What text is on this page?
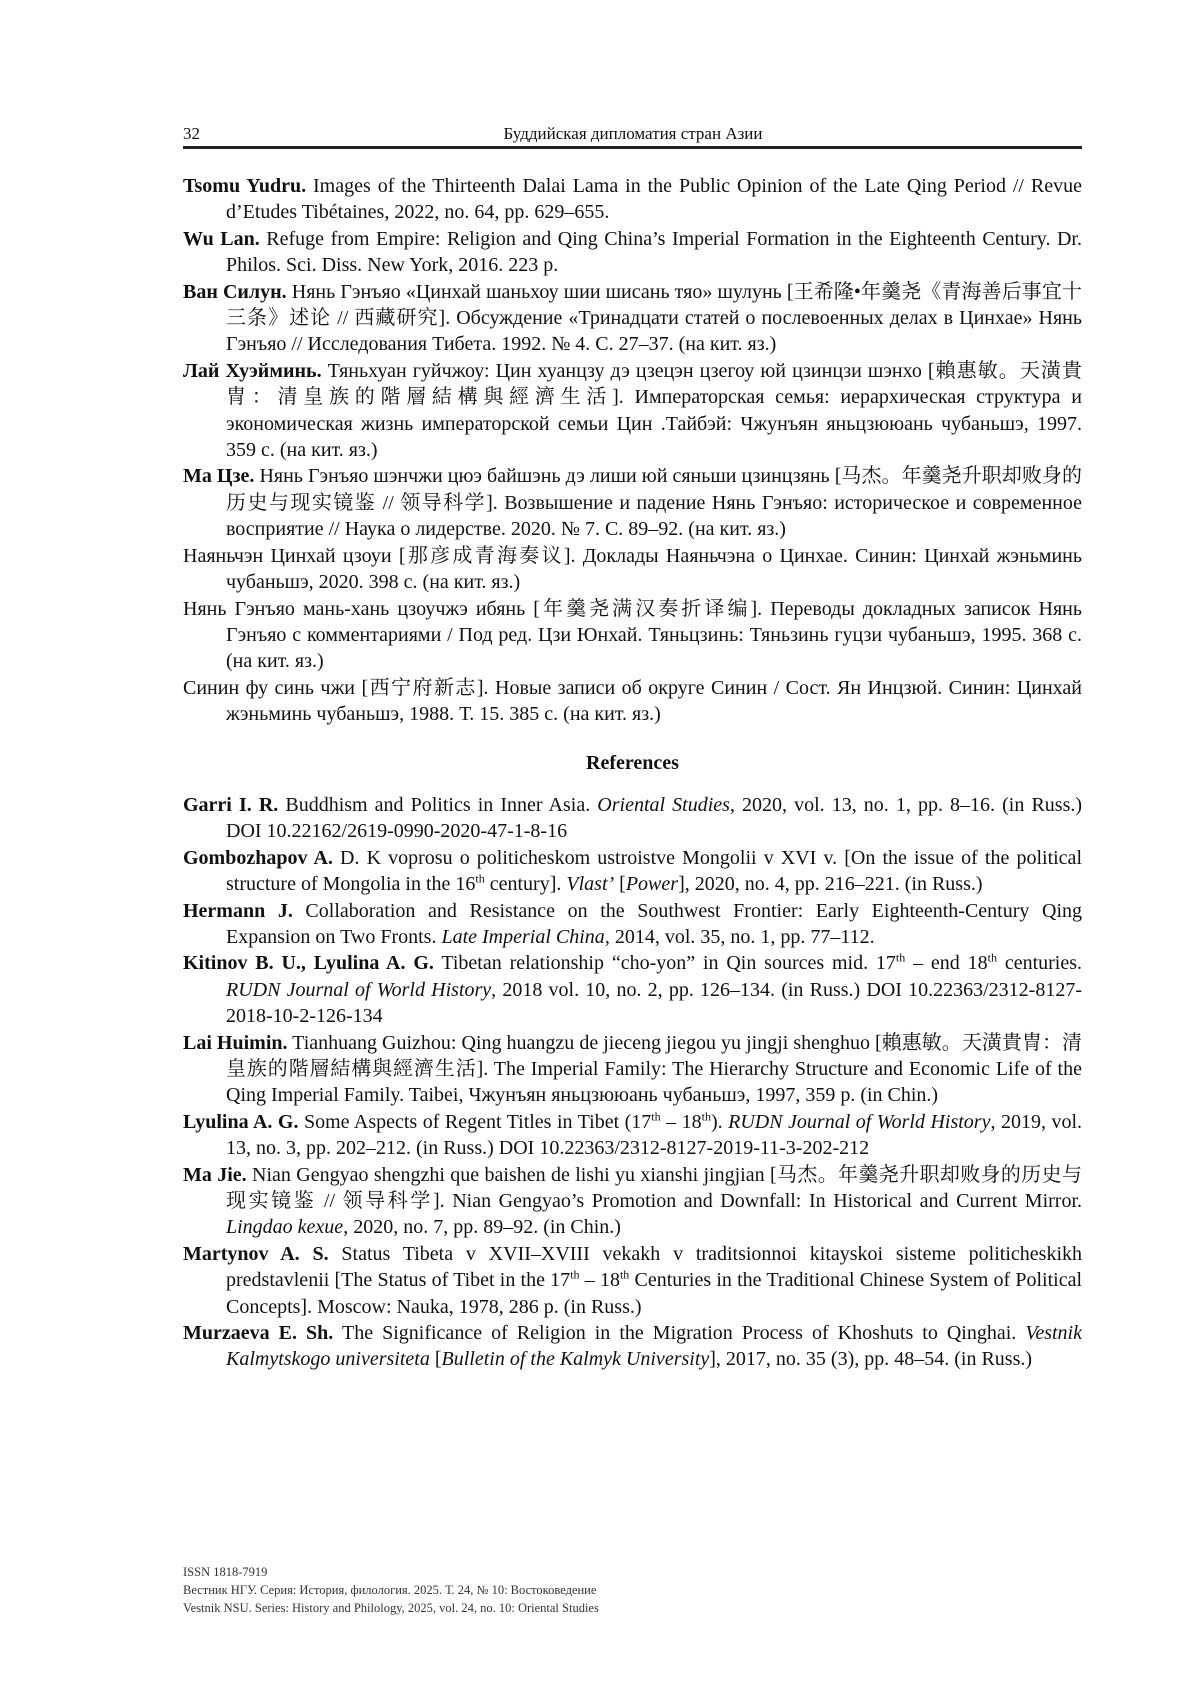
32	Буддийская дипломатия стран Азии

Tsomu Yudru. Images of the Thirteenth Dalai Lama in the Public Opinion of the Late Qing Period // Revue d’Etudes Tibétaines, 2022, no. 64, pp. 629–655.

Wu Lan. Refuge from Empire: Religion and Qing China’s Imperial Formation in the Eighteenth Century. Dr. Philos. Sci. Diss. New York, 2016. 223 p.

Ван Силун. Нянь Гэнъяо «Цинхай шаньхоу шии шисань тяо» шулунь [王希隆•年羹尧《青海善后事宜十三条》述论 // 西藏研究]. Обсуждение «Тринадцати статей о послевоенных делах в Цинхае» Нянь Гэнъяо // Исследования Тибета. 1992. № 4. С. 27–37. (на кит. яз.)

Лай Хуэйминь. Тяньхуан гуйчжоу: Цин хуанцзу дэ цзецэн цзегоу юй цзинцзи шэнхо [賴惠敏。天潢貴冑：清皇族的階層結構與經濟生活]. Императорская семья: иерархическая структура и экономическая жизнь императорской семьи Цин .Тайбэй: Чжунъян яньцзююань чубаньшэ, 1997. 359 с. (на кит. яз.)

Ма Цзе. Нянь Гэнъяо шэнчжи цюэ байшэнь дэ лиши юй сяньши цзинцзянь [马杰。年羹尧升职却败身的历史与现实镜鉴 // 领导科学]. Возвышение и падение Нянь Гэнъяо: историческое и современное восприятие // Наука о лидерстве. 2020. № 7. С. 89–92. (на кит. яз.)

Наяньчэн Цинхай цзоуи [那彦成青海奏议]. Доклады Наяньчэна о Цинхае. Синин: Цинхай жэньминь чубаньшэ, 2020. 398 с. (на кит. яз.)

Нянь Гэнъяо мань-хань цзоучжэ ибянь [年羹尧满汉奏折译编]. Переводы докладных записок Нянь Гэнъяо с комментариями / Под ред. Цзи Юнхай. Тяньцзинь: Тяньзинь гуцзи чубаньшэ, 1995. 368 с. (на кит. яз.)

Синин фу синь чжи [西宁府新志]. Новые записи об округе Синин / Сост. Ян Инцзюй. Синин: Цинхай жэньминь чубаньшэ, 1988. Т. 15. 385 с. (на кит. яз.)

References

Garri I. R. Buddhism and Politics in Inner Asia. Oriental Studies, 2020, vol. 13, no. 1, pp. 8–16. (in Russ.) DOI 10.22162/2619-0990-2020-47-1-8-16

Gombozhapov A. D. K voprosu o politicheskom ustroistve Mongolii v XVI v. [On the issue of the political structure of Mongolia in the 16th century]. Vlast’ [Power], 2020, no. 4, pp. 216–221. (in Russ.)

Hermann J. Collaboration and Resistance on the Southwest Frontier: Early Eighteenth-Century Qing Expansion on Two Fronts. Late Imperial China, 2014, vol. 35, no. 1, pp. 77–112.

Kitinov B. U., Lyulina A. G. Tibetan relationship “cho-yon” in Qin sources mid. 17th – end 18th centuries. RUDN Journal of World History, 2018 vol. 10, no. 2, pp. 126–134. (in Russ.) DOI 10.22363/2312-8127-2018-10-2-126-134

Lai Huimin. Tianhuang Guizhou: Qing huangzu de jieceng jiegou yu jingji shenghuo [賴惠敏。天潢貴冑：清皇族的階層結構與經濟生活]. The Imperial Family: The Hierarchy Structure and Economic Life of the Qing Imperial Family. Taibei, Чжунъян яньцзююань чубаньшэ, 1997, 359 p. (in Chin.)

Lyulina A. G. Some Aspects of Regent Titles in Tibet (17th – 18th). RUDN Journal of World History, 2019, vol. 13, no. 3, pp. 202–212. (in Russ.) DOI 10.22363/2312-8127-2019-11-3-202-212

Ma Jie. Nian Gengyao shengzhi que baishen de lishi yu xianshi jingjian [马杰。年羹尧升职却败身的历史与现实镜鉴 // 领导科学]. Nian Gengyao’s Promotion and Downfall: In Historical and Current Mirror. Lingdao kexue, 2020, no. 7, pp. 89–92. (in Chin.)

Martynov A. S. Status Tibeta v XVII–XVIII vekakh v traditsionnoi kitayskoi sisteme politicheskikh predstavlenii [The Status of Tibet in the 17th – 18th Centuries in the Traditional Chinese System of Political Concepts]. Moscow: Nauka, 1978, 286 p. (in Russ.)

Murzaeva E. Sh. The Significance of Religion in the Migration Process of Khoshuts to Qinghai. Vestnik Kalmytskogo universiteta [Bulletin of the Kalmyk University], 2017, no. 35 (3), pp. 48–54. (in Russ.)

ISSN 1818-7919
Вестник НГУ. Серия: История, филология. 2025. Т. 24, № 10: Востоковедение
Vestnik NSU. Series: History and Philology, 2025, vol. 24, no. 10: Oriental Studies
